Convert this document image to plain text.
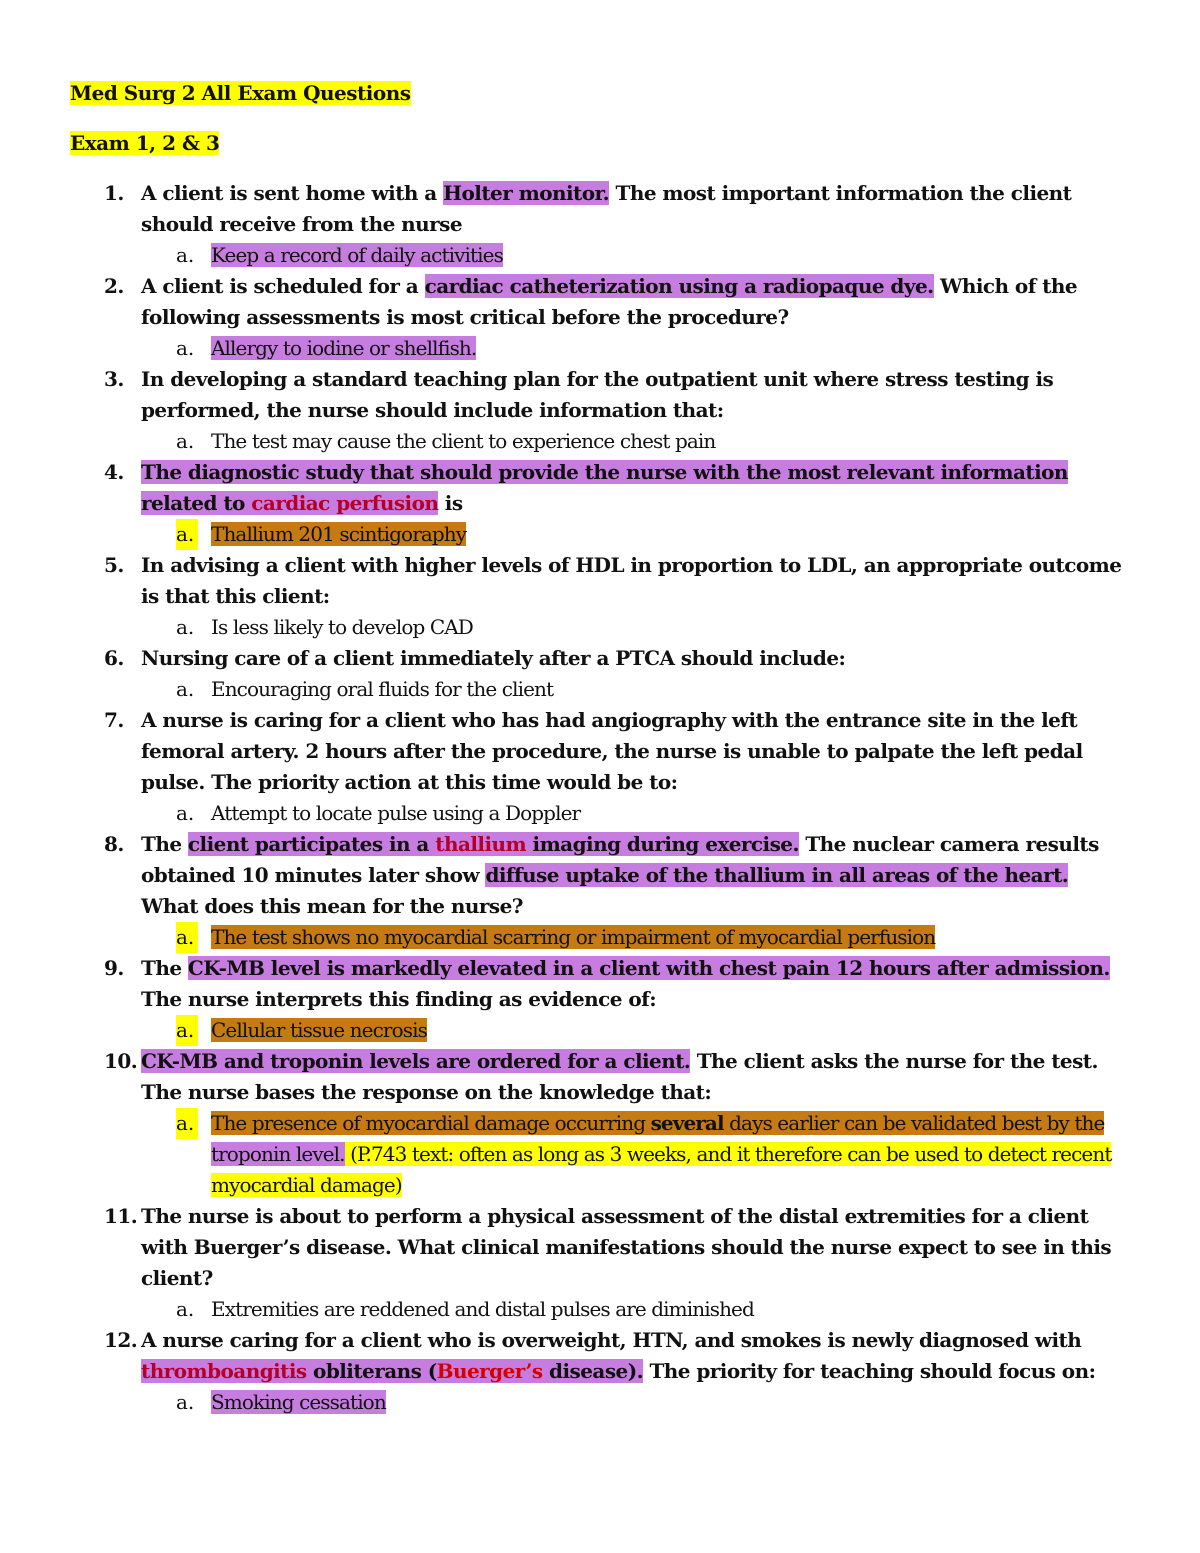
Med Surg 2 All Exam Questions

Exam 1, 2 & 3

1. A client is sent home with a Holter monitor. The most important information the client should receive from the nurse
a. Keep a record of daily activities
2. A client is scheduled for a cardiac catheterization using a radiopaque dye. Which of the following assessments is most critical before the procedure?
a. Allergy to iodine or shellfish.
3. In developing a standard teaching plan for the outpatient unit where stress testing is performed, the nurse should include information that:
a. The test may cause the client to experience chest pain
4. The diagnostic study that should provide the nurse with the most relevant information related to cardiac perfusion is
a. Thallium 201 scintigoraphy
5. In advising a client with higher levels of HDL in proportion to LDL, an appropriate outcome is that this client:
a. Is less likely to develop CAD
6. Nursing care of a client immediately after a PTCA should include:
a. Encouraging oral fluids for the client
7. A nurse is caring for a client who has had angiography with the entrance site in the left femoral artery. 2 hours after the procedure, the nurse is unable to palpate the left pedal pulse. The priority action at this time would be to:
a. Attempt to locate pulse using a Doppler
8. The client participates in a thallium imaging during exercise. The nuclear camera results obtained 10 minutes later show diffuse uptake of the thallium in all areas of the heart. What does this mean for the nurse?
a. The test shows no myocardial scarring or impairment of myocardial perfusion
9. The CK-MB level is markedly elevated in a client with chest pain 12 hours after admission. The nurse interprets this finding as evidence of:
a. Cellular tissue necrosis
10. CK-MB and troponin levels are ordered for a client. The client asks the nurse for the test. The nurse bases the response on the knowledge that:
a. The presence of myocardial damage occurring several days earlier can be validated best by the troponin level. (P.743 text: often as long as 3 weeks, and it therefore can be used to detect recent myocardial damage)
11. The nurse is about to perform a physical assessment of the distal extremities for a client with Buerger’s disease. What clinical manifestations should the nurse expect to see in this client?
a. Extremities are reddened and distal pulses are diminished
12. A nurse caring for a client who is overweight, HTN, and smokes is newly diagnosed with thromboangitis obliterans (Buerger’s disease). The priority for teaching should focus on:
a. Smoking cessation
